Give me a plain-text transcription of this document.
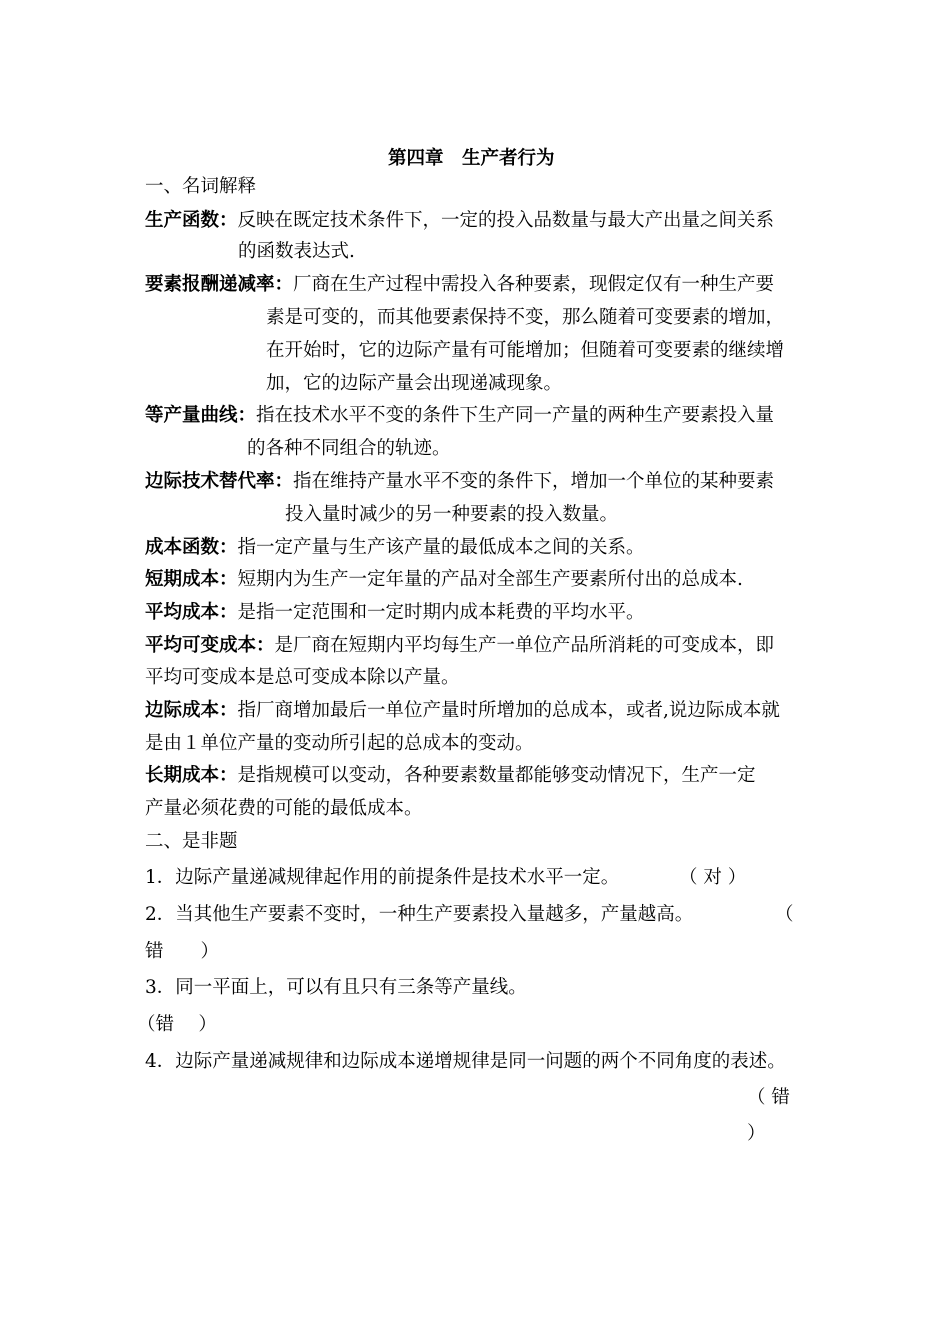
第四章　生产者行为
一、名词解释
生产函数：反映在既定技术条件下，一定的投入品数量与最大产出量之间关系
的函数表达式.
要素报酬递减率：厂商在生产过程中需投入各种要素，现假定仅有一种生产要
素是可变的，而其他要素保持不变，那么随着可变要素的增加，
在开始时，它的边际产量有可能增加；但随着可变要素的继续增
加，它的边际产量会出现递减现象。
等产量曲线：指在技术水平不变的条件下生产同一产量的两种生产要素投入量
的各种不同组合的轨迹。
边际技术替代率：指在维持产量水平不变的条件下，增加一个单位的某种要素
投入量时减少的另一种要素的投入数量。
成本函数：指一定产量与生产该产量的最低成本之间的关系。
短期成本：短期内为生产一定年量的产品对全部生产要素所付出的总成本.
平均成本：是指一定范围和一定时期内成本耗费的平均水平。
平均可变成本：是厂商在短期内平均每生产一单位产品所消耗的可变成本，即
平均可变成本是总可变成本除以产量。
边际成本：指厂商增加最后一单位产量时所增加的总成本，或者,说边际成本就
是由１单位产量的变动所引起的总成本的变动。
长期成本：是指规模可以变动，各种要素数量都能够变动情况下，生产一定
产量必须花费的可能的最低成本。
二、是非题
1．边际产量递减规律起作用的前提条件是技术水平一定。	（ 对 ）
2．当其他生产要素不变时，一种生产要素投入量越多，产量越高。	（
错　　）
3．同一平面上，可以有且只有三条等产量线。
（错　 ）
4．边际产量递减规律和边际成本递增规律是同一问题的两个不同角度的表述。
（ 错
）
